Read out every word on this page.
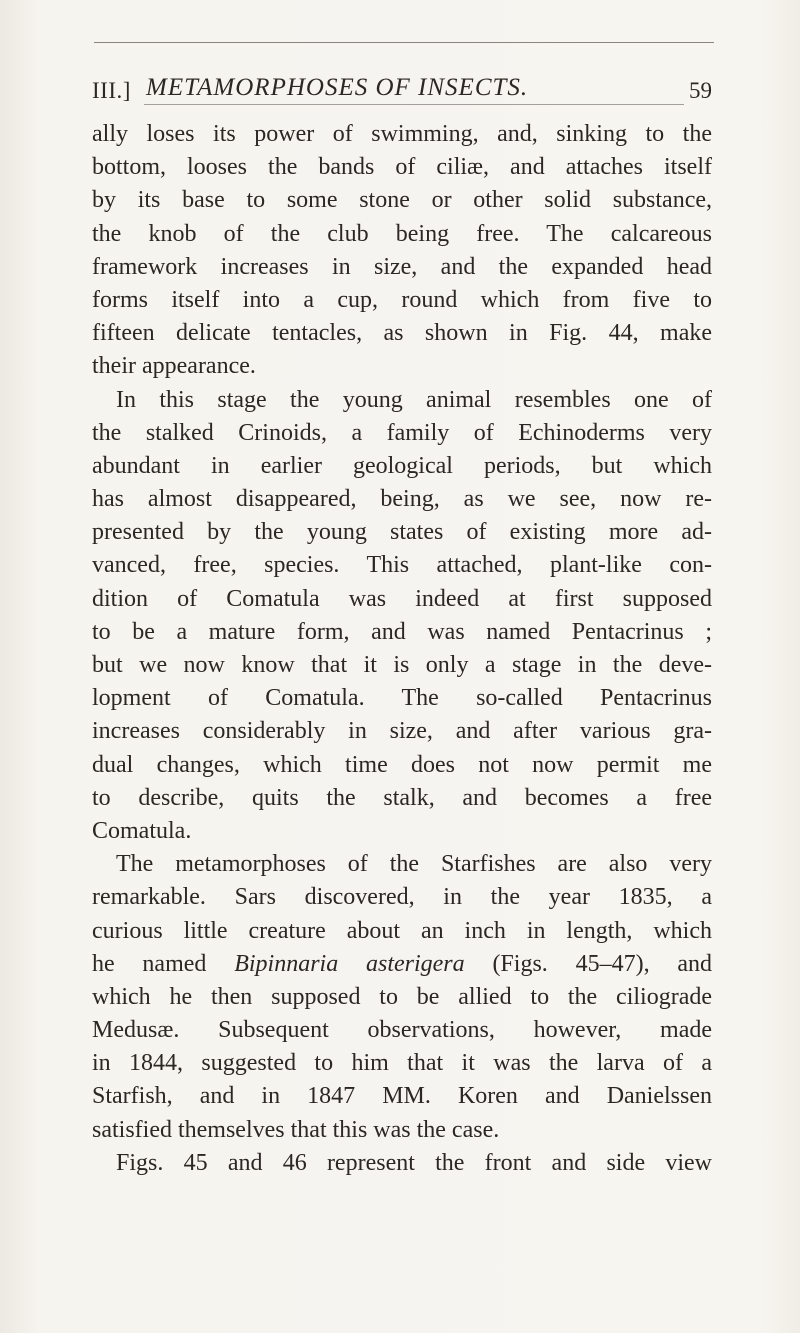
III.] METAMORPHOSES OF INSECTS.	59
ally loses its power of swimming, and, sinking to the
bottom, looses the bands of ciliæ, and attaches itself
by its base to some stone or other solid substance,
the knob of the club being free. The calcareous
framework increases in size, and the expanded head
forms itself into a cup, round which from five to
fifteen delicate tentacles, as shown in Fig. 44, make
their appearance.
In this stage the young animal resembles one of
the stalked Crinoids, a family of Echinoderms very
abundant in earlier geological periods, but which
has almost disappeared, being, as we see, now re-
presented by the young states of existing more ad-
vanced, free, species. This attached, plant-like con-
dition of Comatula was indeed at first supposed
to be a mature form, and was named Pentacrinus ;
but we now know that it is only a stage in the deve-
lopment of Comatula. The so-called Pentacrinus
increases considerably in size, and after various gra-
dual changes, which time does not now permit me
to describe, quits the stalk, and becomes a free
Comatula.
The metamorphoses of the Starfishes are also very
remarkable. Sars discovered, in the year 1835, a
curious little creature about an inch in length, which
he named Bipinnaria asterigera (Figs. 45–47), and
which he then supposed to be allied to the ciliograde
Medusæ. Subsequent observations, however, made
in 1844, suggested to him that it was the larva of a
Starfish, and in 1847 MM. Koren and Danielssen
satisfied themselves that this was the case.
Figs. 45 and 46 represent the front and side view
